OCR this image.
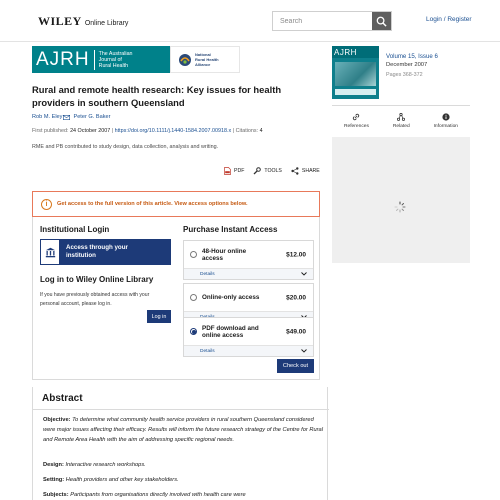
WILEY Online Library
Search
Login / Register
AJRH The Australian
Journal of
Rural Health
National
Rural Health
Alliance
Rural and remote health research: Key issues for health providers in southern Queensland
Rob M. Eley Peter G. Baker
First published: 24 October 2007 | https://doi.org/10.1111/j.1440-1584.2007.00918.x | Citations: 4

RME and PB contributed to study design, data collection, analysis and writing.

PDF	TOOLS	SHARE
i	Get access to the full version of this article. View access options below.
Institutional Login
Access through your
institution
Log in to Wiley Online Library

If you have previously obtained access with your personal account, please log in.

Log in
Purchase Instant Access
48-Hour online
access	$12.00
Details
Online-only access	$20.00
PDF download and
online access	$49.00
Details
Check out
Abstract

Objective: To determine what community health service providers in rural southern Queensland considered were major issues affecting their efficacy. Results will inform the future research strategy of the Centre for Rural and Remote Area Health with the aim of addressing specific regional needs.

Design: Interactive research workshops.

Setting: Health providers and other key stakeholders.

Subjects: Participants from organisations directly involved with health care were

AJRH	Volume 15, Issue 6
December 2007
Pages 368-372
References	Related	Information
